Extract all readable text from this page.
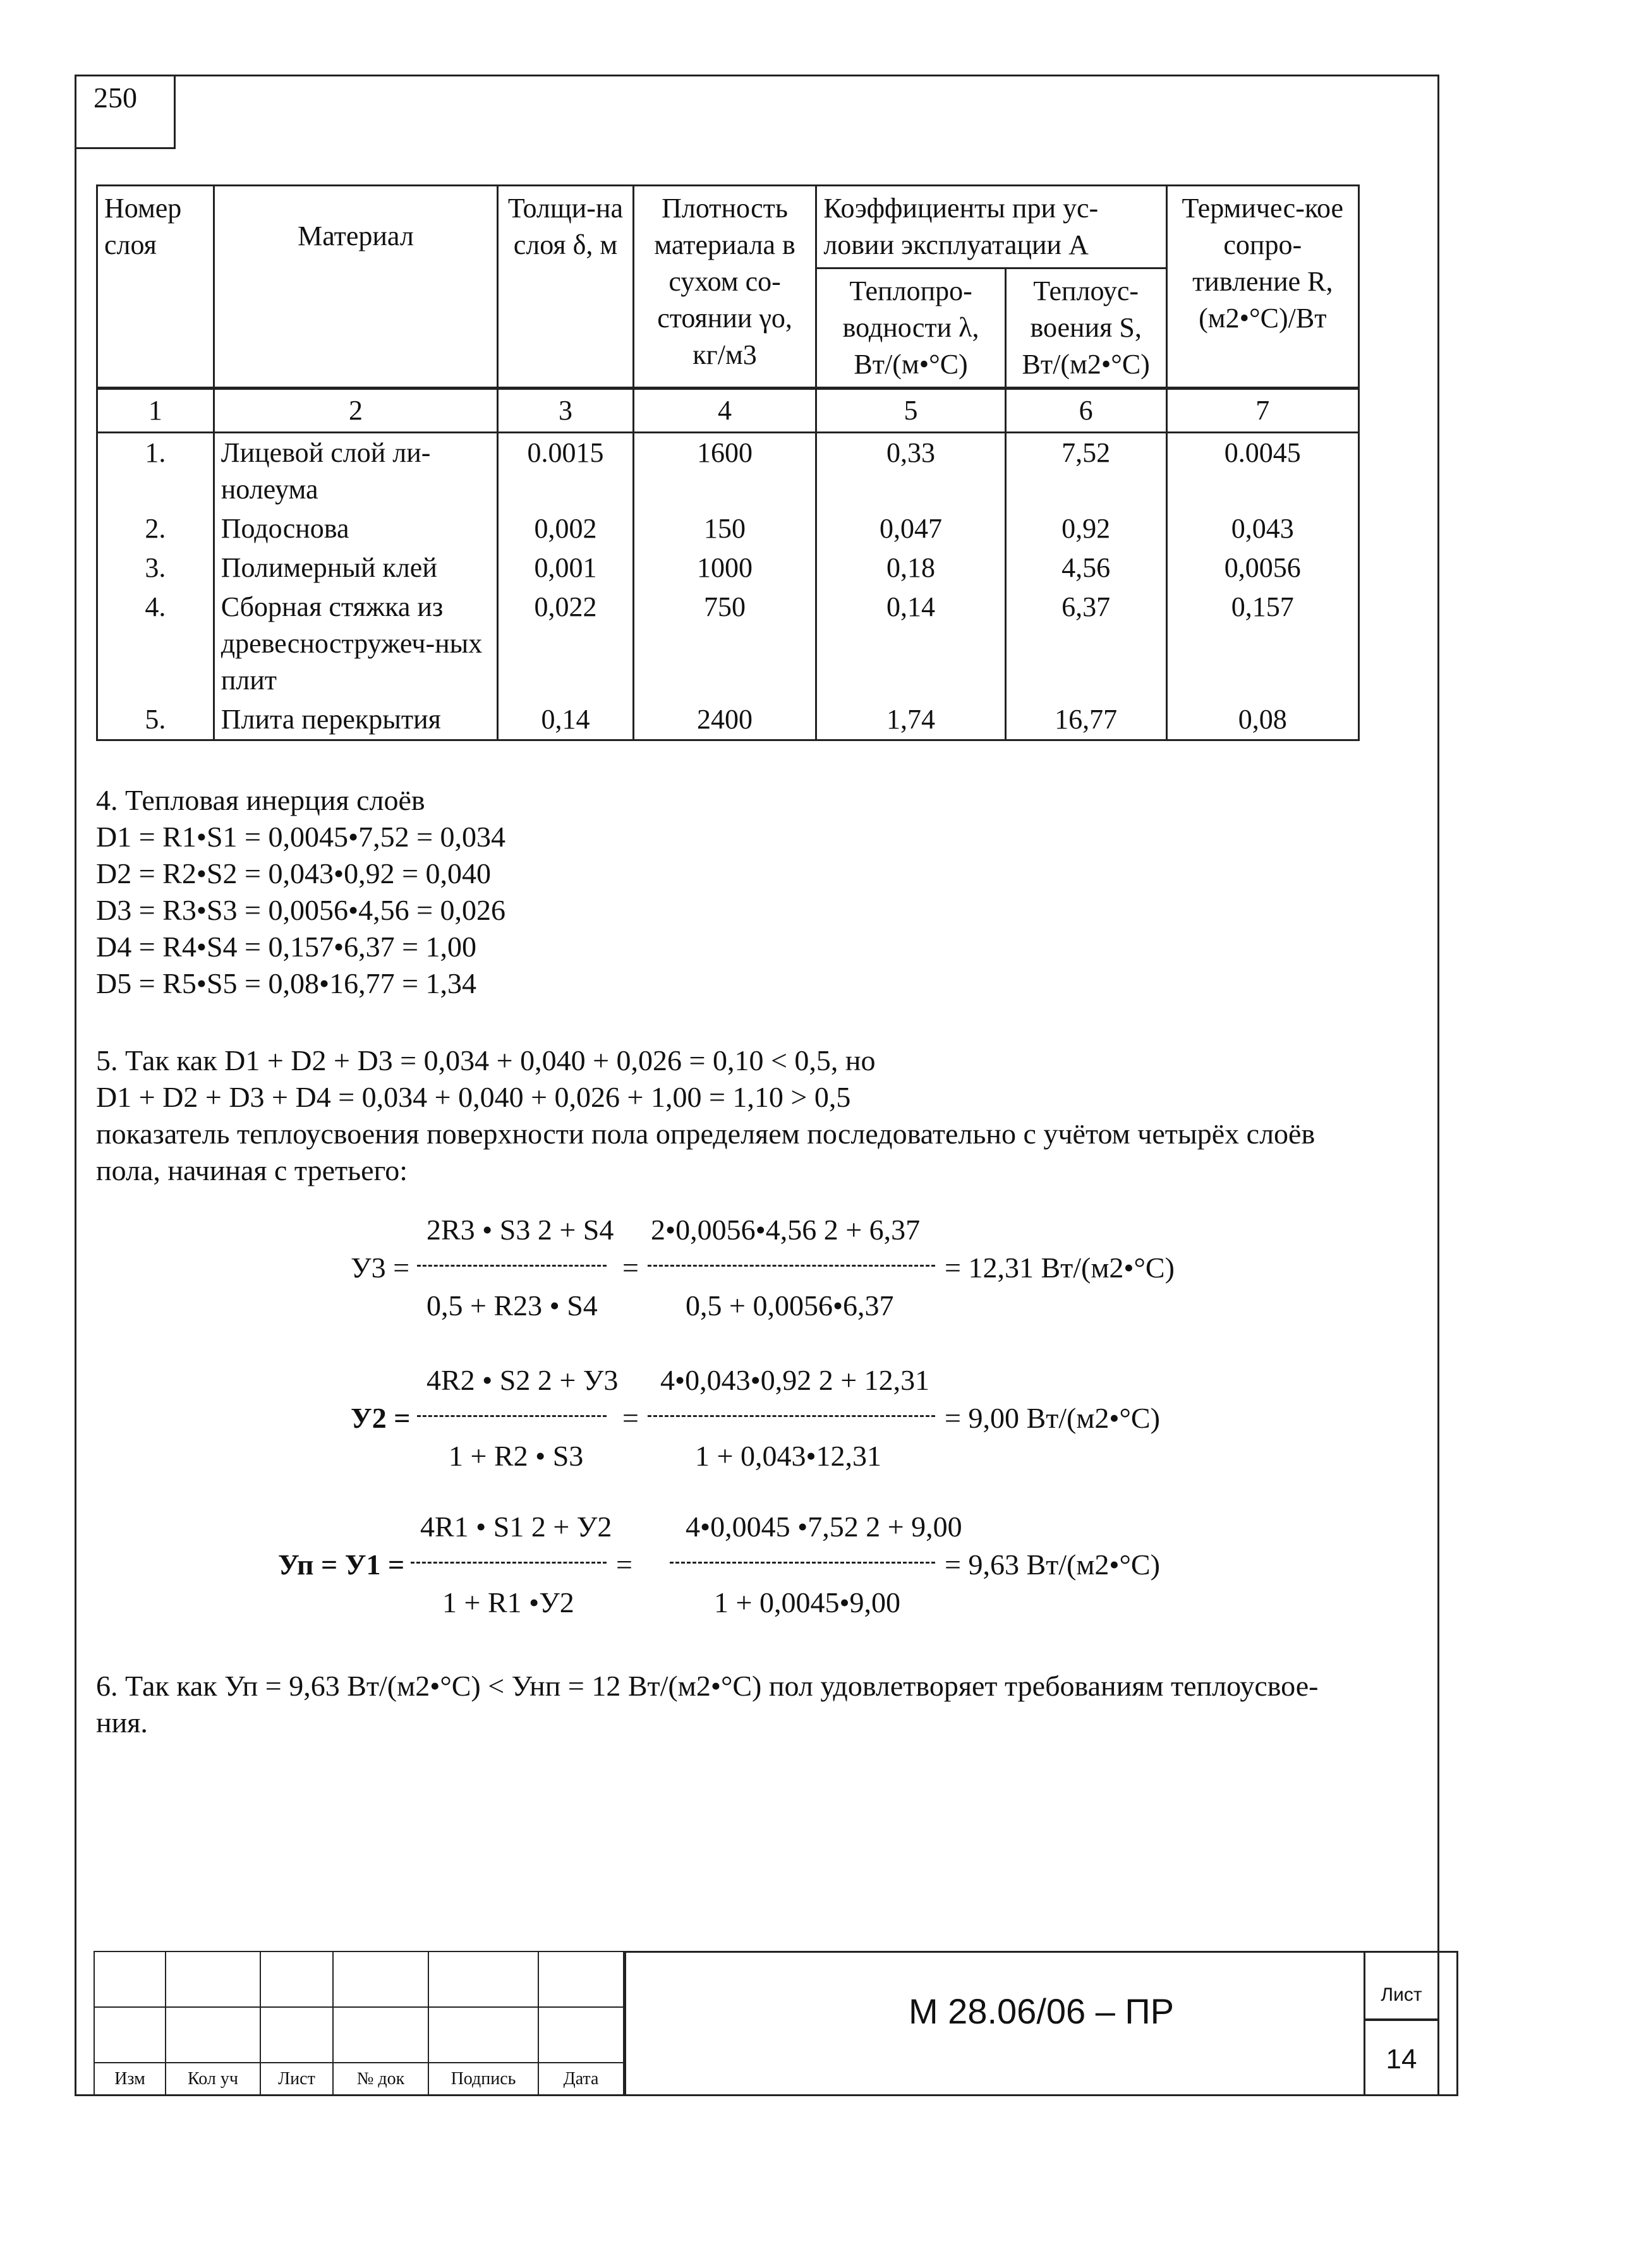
250
Номер слоя	Материал	Толщи-на слоя δ, м	Плотность материала в сухом со-стоянии γо, кг/м3	Коэффициенты при ус-ловии эксплуатации А		Термичес-кое сопро-тивление R, (м2•°С)/Вт
				Теплопро-водности λ, Вт/(м•°С)	Теплоус-воения S, Вт/(м2•°С)	
1	2	3	4	5	6	7
1.	Лицевой слой ли-нолеума	0.0015	1600	0,33	7,52	0.0045
2.	Подоснова	0,002	150	0,047	0,92	0,043
3.	Полимерный клей	0,001	1000	0,18	4,56	0,0056
4.	Сборная стяжка из древесностружеч-ных плит	0,022	750	0,14	6,37	0,157
5.	Плита перекрытия	0,14	2400	1,74	16,77	0,08
4. Тепловая инерция слоёв
D1 = R1•S1 = 0,0045•7,52 = 0,034
D2 = R2•S2 = 0,043•0,92 = 0,040
D3 = R3•S3 = 0,0056•4,56 = 0,026
D4 = R4•S4 = 0,157•6,37 = 1,00
D5 = R5•S5 = 0,08•16,77 = 1,34
5. Так как D1 + D2 + D3 = 0,034 + 0,040 + 0,026 = 0,10 < 0,5, но
D1 + D2 + D3 + D4 = 0,034 + 0,040 + 0,026 + 1,00 = 1,10 > 0,5
показатель теплоусвоения поверхности пола определяем последовательно с учётом четырёх слоёв
пола, начиная с третьего:
У3 =
2R3 • S3 2 + S4
0,5 + R23 • S4
=
2•0,0056•4,56 2 + 6,37
0,5 + 0,0056•6,37
= 12,31 Вт/(м2•°С)
У2 =
4R2 • S2 2 + У3
1 + R2 • S3
=
4•0,043•0,92 2 + 12,31
1 + 0,043•12,31
= 9,00 Вт/(м2•°С)
Уп = У1 =
4R1 • S1 2 + У2
1 + R1 •У2
=
4•0,0045 •7,52 2 + 9,00
1 + 0,0045•9,00
= 9,63 Вт/(м2•°С)
6. Так как Уп = 9,63 Вт/(м2•°С) < Унп = 12 Вт/(м2•°С) пол удовлетворяет требованиям теплоусвое-
ния.
Изм	Кол уч	Лист	№ док	Подпись	Дата
М 28.06/06 – ПР	Лист
14
